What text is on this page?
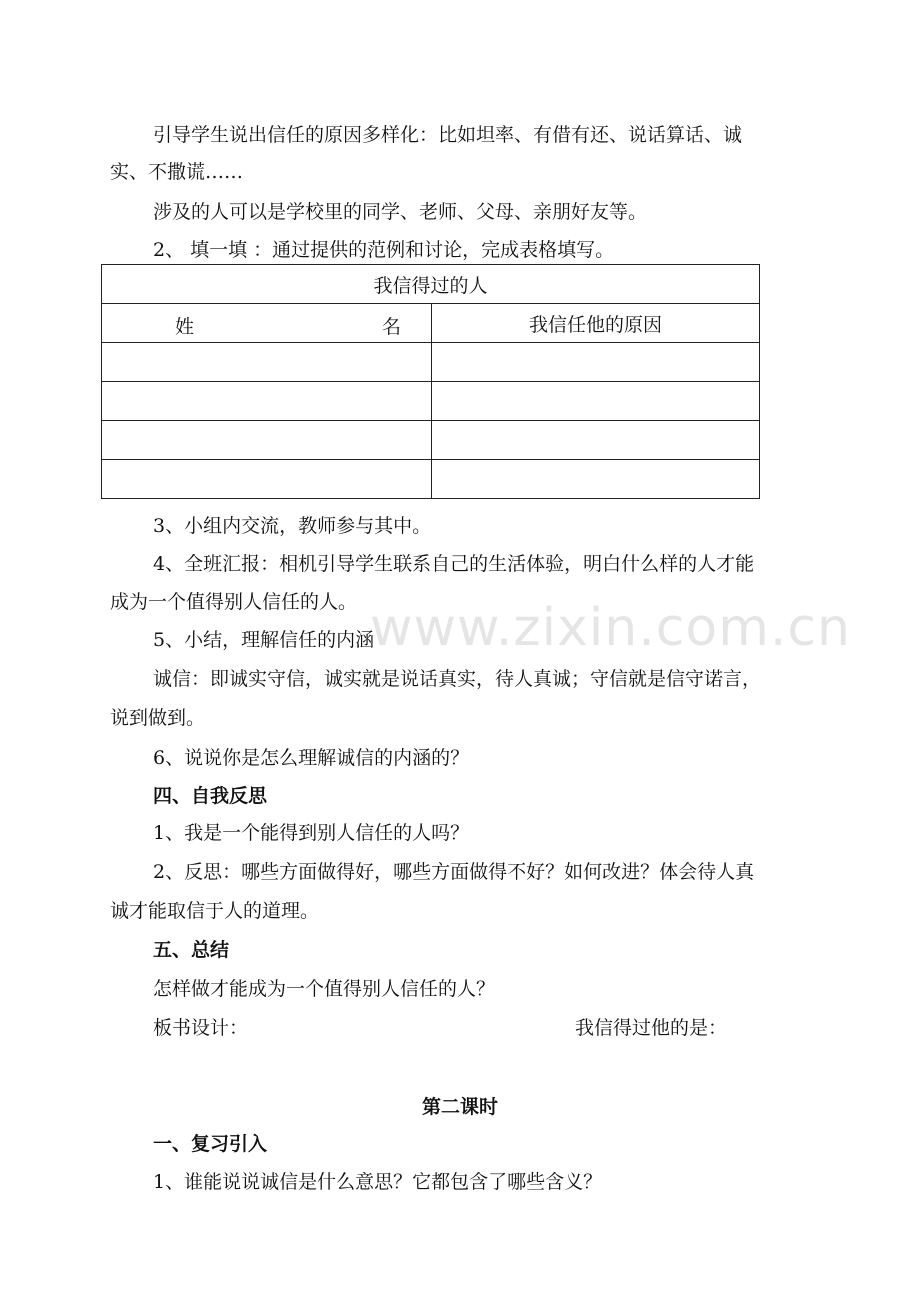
引导学生说出信任的原因多样化：比如坦率、有借有还、说话算话、诚
实、不撒谎……
涉及的人可以是学校里的同学、老师、父母、亲朋好友等。
2、 填一填 ：通过提供的范例和讨论，完成表格填写。
我信得过的人	

姓 名	我信任他的原因

3、小组内交流，教师参与其中。
4、全班汇报：相机引导学生联系自己的生活体验，明白什么样的人才能
成为一个值得别人信任的人。
5、小结，理解信任的内涵
诚信：即诚实守信，诚实就是说话真实，待人真诚；守信就是信守诺言，
说到做到。
6、说说你是怎么理解诚信的内涵的？
四、自我反思
1、我是一个能得到别人信任的人吗？
2、反思：哪些方面做得好，哪些方面做得不好？如何改进？体会待人真
诚才能取信于人的道理。
五、总结
怎样做才能成为一个值得别人信任的人？
板书设计：	我信得过他的是：
第二课时
一、复习引入
1、谁能说说诚信是什么意思？它都包含了哪些含义？
www.zixin.com.cn
